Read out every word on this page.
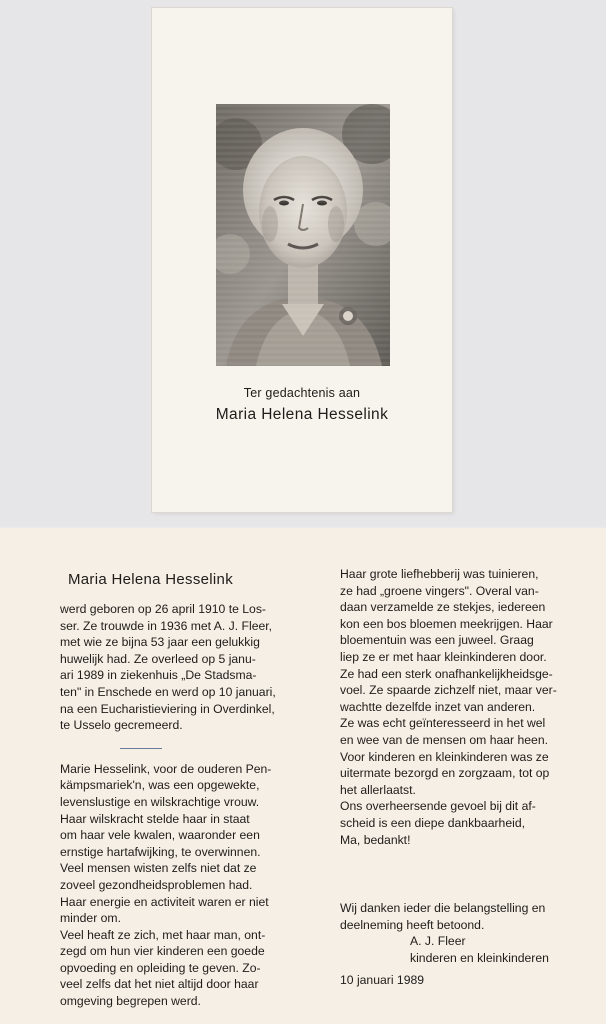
Ter gedachtenis aan
Maria Helena Hesselink
Maria Helena Hesselink

werd geboren op 26 april 1910 te Los-
ser. Ze trouwde in 1936 met A. J. Fleer,
met wie ze bijna 53 jaar een gelukkig
huwelijk had. Ze overleed op 5 janu-
ari 1989 in ziekenhuis „De Stadsma-
ten" in Enschede en werd op 10 januari,
na een Eucharistieviering in Overdinkel,
te Usselo gecremeerd.

Marie Hesselink, voor de ouderen Pen-
kämpsmariek'n, was een opgewekte,
levenslustige en wilskrachtige vrouw.
Haar wilskracht stelde haar in staat
om haar vele kwalen, waaronder een
ernstige hartafwijking, te overwinnen.
Veel mensen wisten zelfs niet dat ze
zoveel gezondheidsproblemen had.
Haar energie en activiteit waren er niet
minder om.
Veel heaft ze zich, met haar man, ont-
zegd om hun vier kinderen een goede
opvoeding en opleiding te geven. Zo-
veel zelfs dat het niet altijd door haar
omgeving begrepen werd.

Haar grote liefhebberij was tuinieren,
ze had „groene vingers". Overal van-
daan verzamelde ze stekjes, iedereen
kon een bos bloemen meekrijgen. Haar
bloementuin was een juweel. Graag
liep ze er met haar kleinkinderen door.
Ze had een sterk onafhankelijkheidsge-
voel. Ze spaarde zichzelf niet, maar ver-
wachtte dezelfde inzet van anderen.
Ze was echt geïnteresseerd in het wel
en wee van de mensen om haar heen.
Voor kinderen en kleinkinderen was ze
uitermate bezorgd en zorgzaam, tot op
het allerlaatst.
Ons overheersende gevoel bij dit af-
scheid is een diepe dankbaarheid,
Ma, bedankt!

Wij danken ieder die belangstelling en
deelneming heeft betoond.
A. J. Fleer
kinderen en kleinkinderen
10 januari 1989
